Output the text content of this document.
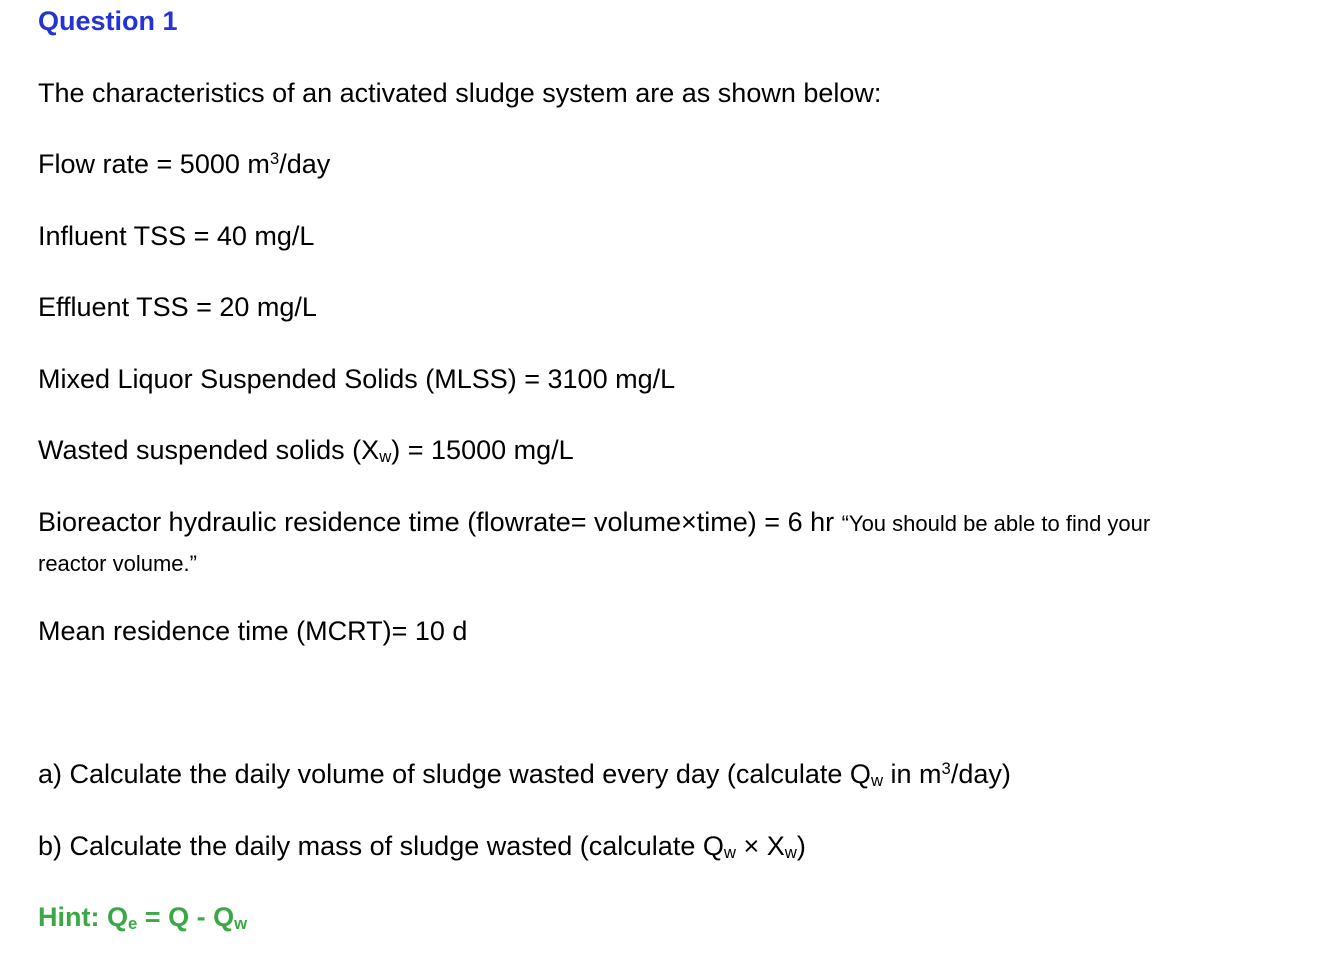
Question 1
The characteristics of an activated sludge system are as shown below:
Flow rate = 5000 $m^3$/day
Influent TSS = 40 mg/L
Effluent TSS = 20 mg/L
Mixed Liquor Suspended Solids (MLSS) = 3100 mg/L
Wasted suspended solids (Xw) = 15000 mg/L
Bioreactor hydraulic residence time (flowrate= volume×time) = 6 hr “You should be able to find your
reactor volume.”
Mean residence time (MCRT)= 10 d
a) Calculate the daily volume of sludge wasted every day (calculate Qw in $m^3/day$)
b) Calculate the daily mass of sludge wasted (calculate Qw × Xw)
Hint: Qe = Q - Qw
